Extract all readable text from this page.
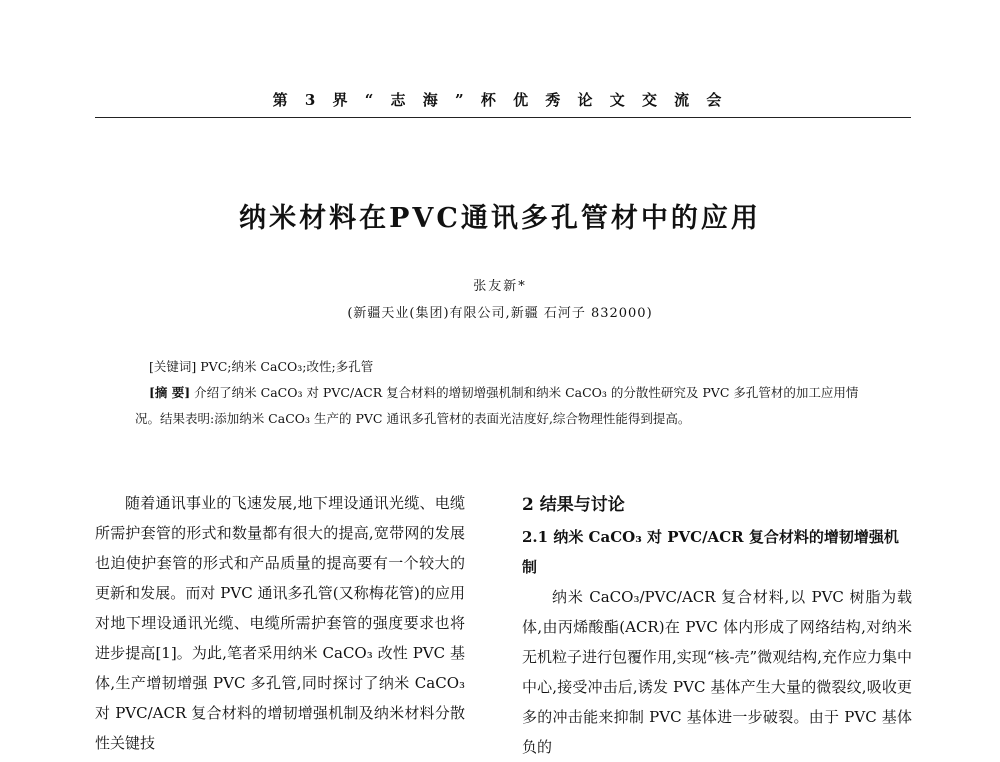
第 3 界 “ 志 海 ” 杯 优 秀 论 文 交 流 会
纳米材料在PVC通讯多孔管材中的应用
张友新*
(新疆天业(集团)有限公司,新疆 石河子 832000)
[关键词] PVC;纳米 CaCO₃;改性;多孔管
[摘 要] 介绍了纳米 CaCO₃ 对 PVC/ACR 复合材料的增韧增强机制和纳米 CaCO₃ 的分散性研究及 PVC 多孔管材的加工应用情况。结果表明:添加纳米 CaCO₃ 生产的 PVC 通讯多孔管材的表面光洁度好,综合物理性能得到提高。
随着通讯事业的飞速发展,地下埋设通讯光缆、电缆所需护套管的形式和数量都有很大的提高,宽带网的发展也迫使护套管的形式和产品质量的提高要有一个较大的更新和发展。而对 PVC 通讯多孔管(又称梅花管)的应用对地下埋设通讯光缆、电缆所需护套管的强度要求也将进步提高[1]。为此,笔者采用纳米 CaCO₃ 改性 PVC 基体,生产增韧增强 PVC 多孔管,同时探讨了纳米 CaCO₃ 对 PVC/ACR 复合材料的增韧增强机制及纳米材料分散性关键技
2 结果与讨论
2.1 纳米 CaCO₃ 对 PVC/ACR 复合材料的增韧增强机制
纳米 CaCO₃/PVC/ACR 复合材料,以 PVC 树脂为载体,由丙烯酸酯(ACR)在 PVC 体内形成了网络结构,对纳米无机粒子进行包覆作用,实现“核-壳”微观结构,充作应力集中中心,接受冲击后,诱发 PVC 基体产生大量的微裂纹,吸收更多的冲击能来抑制 PVC 基体进一步破裂。由于 PVC 基体负的
